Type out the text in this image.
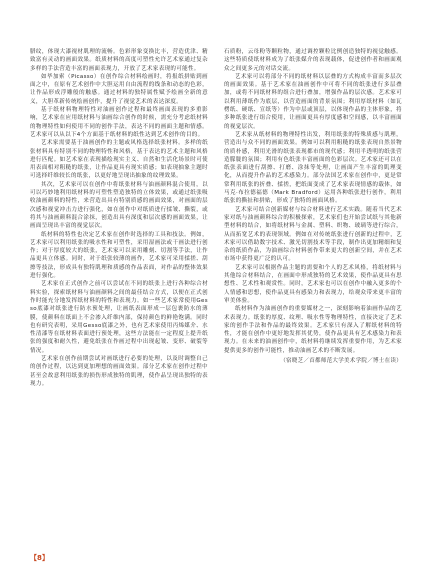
腊纹，体现大漆视材肌理的流畅。色彩形象变换比丰，营造优津、精致富有灵动的画面效果。纸质材料的高度可塑性允许艺术家通过复杂多样的手法营造丰富的画面表现力，开放了艺术家表现的可能性。

如毕加索（Picasso）在创作综合材料绘画时，将报纸拼贴到画面之中，在原有艺术创作中大胆运用自由流程的线条和动态的色彩，让作品形成浮雕般的触感。通过材料的独特属性赋予绘画全新的意义，大胆革新传统绘画创作，提升了视觉艺术的表达深度。

基于纸材料物理特性对油画创作过程和最终画面表现的多重影响，艺术家在应用纸材料与油画综合创作的时候，需充分考虑纸材料的物理特性如何使用不同的创作手法，表达不同的画面主题和情感。艺术家可以从以下4个方面基于纸材料的纸性达到艺术创作的目的。

艺术家需要基于油画创作的主题或风格选择纸张材料。多样的纸张材料具有特别不同的物理特性和风格，基于表达的艺术主题和风格进行匹配。如艺术家在表现描绘现实主义、自然和生活化场景时可使用表面相对粗糙的纸张，让作品更具有现实质感；如表现抽象主题时可选择纤维较长的纸张，以更好地呈现出抽象的纹理效果。

其次，艺术家可以在创作中将纸张材料与油画颜料混合使用，以可以巧妙地利用纸材料的可塑性塑造独特的立体效果，或通过纸张吸收油画颜料的特性，来营造出具有特别质感的画面效果，对画面的层次感和视觉冲击力进行强化，如在创作中对纸质进行揉皱、撕裂，或将其与油画颜料混合涂抹，创造出具有深度和层次感的画面效果，让画面呈现出丰富的视觉层次。

纸材料的特性也决定艺术家在创作时选择的工具和技法。例如，艺术家可以利用纸张的吸水性和可塑性，采用湿画法或干画法进行创作；对于厚度较大的纸张，艺术家可以采用雕刻、切割等手法，让作品更具立体感。同时，对于纸张较薄的画作，艺术家可采用揉搓、刮擦等技法，形成具有独特肌理和质感的作品表面，对作品的整体效果进行强化。

艺术家在正式创作之前可以尝试在不同的纸张上进行各种综合材料实验，探索纸材料与油画颜料之间的最佳结合方式，以便在正式创作时能充分地发挥纸材料的特性和表现力。如一些艺术家常使用Gesso底漆对纸张进行防水预处理，让画纸表面形成一层包裹防水的薄膜，使颜料在纸面上不会渗入纤维内部，保持颜色的鲜艳饱满。同时也有研究表明，采用Gesso底漆之外，也有艺术家使用丙烯媒介、水性清漆等在纸材料表面进行预处理，这些方法能在一定程度上提升纸张的强度和耐久性，避免纸张在作画过程中出现起皱、变形、破裂等情况。

艺术家在创作前期尝试对画纸进行必要的处理，以及时调整自己的创作过程，以达到更加理想的画面效果。部分艺术家在创作过程中甚至会故意利用纸张的损伤形成独特的肌理，使作品呈现出独特的表现力。

石质粉，云母粉等颗粒物，通过调控颗粒比例创造独特的视觉触感。这些特质使纸材料成为了纸张媒介的表现载体，促进创作者和画面观众之间更多元的对话交流。

艺术家可以将部分不同的纸材料以层叠的方式构成丰富而多层次的画面效果。基于艺术家在油画创作中可将不同的纸张进行多层叠加，或将不同纸材料的组合进行叠加，增强作品的层次感。艺术家可以利用薄纸作为底层，以营造画面的背景氛围；利用厚纸材料（如瓦楞纸、硬纸、宣纸等）作为中层或顶层，以体现作品的主体形象，将多种纸张进行组合使用，让画面更具有厚度感和空间感，以丰富画面的视觉层次。

艺术家从纸材料的物理特性出发，利用纸张的特殊质感与肌理，营造出与众不同的画面效果。例如可以利用粗糙的纸张表现自然景物的质朴感，利用光滑的纸张表现都市的现代感；利用半透明的纸张营造朦胧的氛围；利用有色纸张丰富画面的色彩层次。艺术家还可以在纸张表面进行刮擦、打磨、涂抹等处理，让画面产生丰富的肌理变化，从而提升作品的艺术感染力。部分法国艺术家在创作中，更是常常利用纸张的折叠、揉搓，把纸面变成了艺术家表现情感的载体，如马克·布拉德福德（Mark Bradford）运用各种纸张进行创作，利用纸张的撕扯和拼贴，形成了独特的画面风格。

艺术家可结合创新媒材与综合材料进行艺术实践。随着当代艺术家对纸与油画颜料综合的积极探索，艺术家们也开始尝试纸与其他新型材料的结合，如将纸材料与金属、塑料、织物、玻璃等进行综合，从而拓宽艺术的表现领域。例如在对传统纸张进行创新的过程中，艺术家可以借助数字技术、激光切割技术等手段，制作出更加精细和复杂的纸质作品，为油画综合材料创作带来更大的创新空间，并在艺术市场中获得更广泛的认可。

艺术家可以根据作品主题的需要和个人的艺术风格，将纸材料与其他综合材料结合，在画面中形成独特的艺术效果，使作品更具有思想性、艺术性和观赏性。同时，艺术家也可以在创作中融入更多的个人情感和思想，使作品更具有感染力和表现力，给观众带来更丰富的审美体验。

纸材料作为油画创作的重要媒材之一，深刻影响着油画作品的艺术表现力。纸张的厚度、纹理、吸水性等物理特性，直接决定了艺术家的创作手法和作品的最终效果。艺术家只有深入了解纸材料的特性，才能在创作中更好地发挥其优势，使作品更具有艺术感染力和表现力。在未来的油画创作中，纸材料将继续发挥重要作用，为艺术家提供更多的创作可能性，推动油画艺术的不断发展。

（宿晓芝／首都师范大学美术学院／博士在读）
【8】
